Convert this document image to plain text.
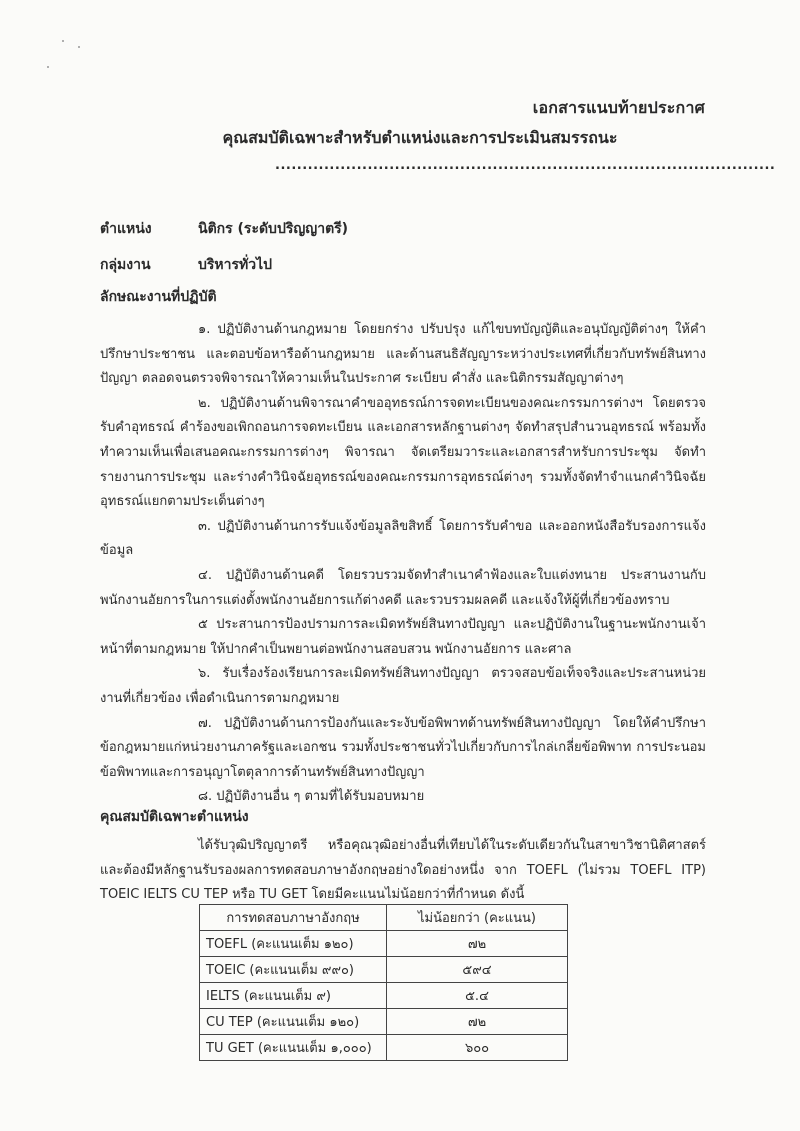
เอกสารแนบท้ายประกาศ
คุณสมบัติเฉพาะสำหรับตำแหน่งและการประเมินสมรรถนะ
............................................................................................
ตำแหน่ง	นิติกร (ระดับปริญญาตรี)
กลุ่มงาน	บริหารทั่วไป
ลักษณะงานที่ปฏิบัติ

๑. ปฏิบัติงานด้านกฎหมาย โดยยกร่าง ปรับปรุง แก้ไขบทบัญญัติและอนุบัญญัติต่างๆ ให้คำปรึกษาประชาชน และตอบข้อหารือด้านกฎหมาย และด้านสนธิสัญญาระหว่างประเทศที่เกี่ยวกับทรัพย์สินทางปัญญา ตลอดจนตรวจพิจารณาให้ความเห็นในประกาศ ระเบียบ คำสั่ง และนิติกรรมสัญญาต่างๆ

๒. ปฏิบัติงานด้านพิจารณาคำขออุทธรณ์การจดทะเบียนของคณะกรรมการต่างฯ โดยตรวจรับคำอุทธรณ์ คำร้องขอเพิกถอนการจดทะเบียน และเอกสารหลักฐานต่างๆ จัดทำสรุปสำนวนอุทธรณ์ พร้อมทั้งทำความเห็นเพื่อเสนอคณะกรรมการต่างๆ พิจารณา จัดเตรียมวาระและเอกสารสำหรับการประชุม จัดทำรายงานการประชุม และร่างคำวินิจฉัยอุทธรณ์ของคณะกรรมการอุทธรณ์ต่างๆ รวมทั้งจัดทำจำแนกคำวินิจฉัยอุทธรณ์แยกตามประเด็นต่างๆ

๓. ปฏิบัติงานด้านการรับแจ้งข้อมูลลิขสิทธิ์ โดยการรับคำขอ และออกหนังสือรับรองการแจ้งข้อมูล

๔. ปฏิบัติงานด้านคดี โดยรวบรวมจัดทำสำเนาคำฟ้องและใบแต่งทนาย ประสานงานกับพนักงานอัยการในการแต่งตั้งพนักงานอัยการแก้ต่างคดี และรวบรวมผลคดี และแจ้งให้ผู้ที่เกี่ยวข้องทราบ

๕ ประสานการป้องปรามการละเมิดทรัพย์สินทางปัญญา และปฏิบัติงานในฐานะพนักงานเจ้าหน้าที่ตามกฎหมาย ให้ปากคำเป็นพยานต่อพนักงานสอบสวน พนักงานอัยการ และศาล

๖. รับเรื่องร้องเรียนการละเมิดทรัพย์สินทางปัญญา ตรวจสอบข้อเท็จจริงและประสานหน่วยงานที่เกี่ยวข้อง เพื่อดำเนินการตามกฎหมาย

๗. ปฏิบัติงานด้านการป้องกันและระงับข้อพิพาทด้านทรัพย์สินทางปัญญา โดยให้คำปรึกษาข้อกฎหมายแก่หน่วยงานภาครัฐและเอกชน รวมทั้งประชาชนทั่วไปเกี่ยวกับการไกล่เกลี่ยข้อพิพาท การประนอมข้อพิพาทและการอนุญาโตตุลาการด้านทรัพย์สินทางปัญญา

๘. ปฏิบัติงานอื่น ๆ ตามที่ได้รับมอบหมาย

คุณสมบัติเฉพาะตำแหน่ง

ได้รับวุฒิปริญญาตรี หรือคุณวุฒิอย่างอื่นที่เทียบได้ในระดับเดียวกันในสาขาวิชานิติศาสตร์ และต้องมีหลักฐานรับรองผลการทดสอบภาษาอังกฤษอย่างใดอย่างหนึ่ง จาก TOEFL (ไม่รวม TOEFL ITP) TOEIC IELTS CU TEP หรือ TU GET โดยมีคะแนนไม่น้อยกว่าที่กำหนด ดังนี้

การทดสอบภาษาอังกฤษ	ไม่น้อยกว่า (คะแนน)
TOEFL (คะแนนเต็ม ๑๒๐)	๗๒
TOEIC (คะแนนเต็ม ๙๙๐)	๕๙๔
IELTS (คะแนนเต็ม ๙)	๕.๔
CU TEP (คะแนนเต็ม ๑๒๐)	๗๒
TU GET (คะแนนเต็ม ๑,๐๐๐)	๖๐๐
